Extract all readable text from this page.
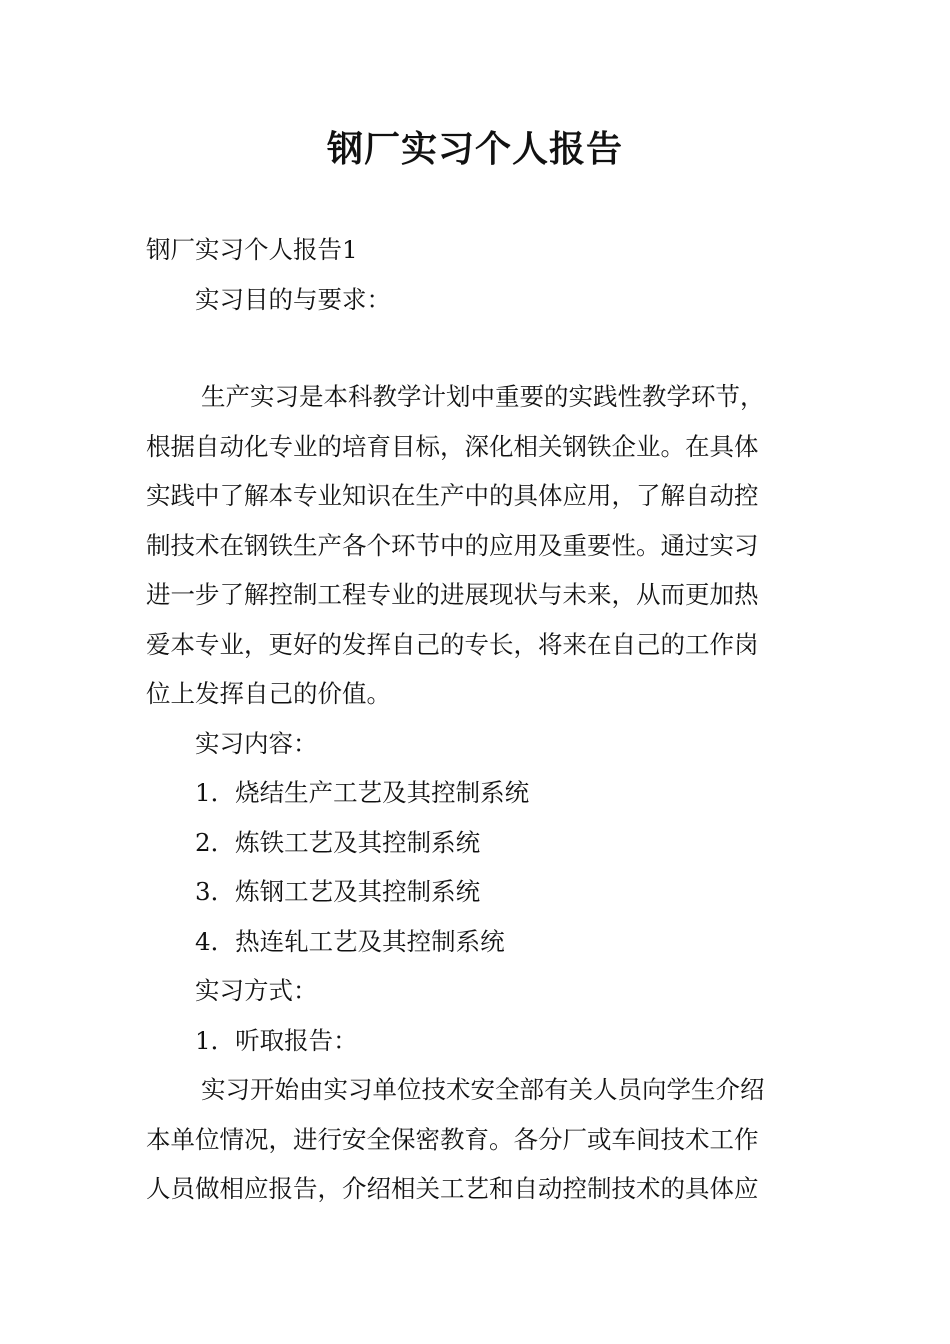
钢厂实习个人报告
钢厂实习个人报告1
实习目的与要求：
生产实习是本科教学计划中重要的实践性教学环节，
根据自动化专业的培育目标，深化相关钢铁企业。在具体
实践中了解本专业知识在生产中的具体应用，了解自动控
制技术在钢铁生产各个环节中的应用及重要性。通过实习
进一步了解控制工程专业的进展现状与未来，从而更加热
爱本专业，更好的发挥自己的专长，将来在自己的工作岗
位上发挥自己的价值。
实习内容：
1．烧结生产工艺及其控制系统
2．炼铁工艺及其控制系统
3．炼钢工艺及其控制系统
4．热连轧工艺及其控制系统
实习方式：
1．听取报告：
实习开始由实习单位技术安全部有关人员向学生介绍
本单位情况，进行安全保密教育。各分厂或车间技术工作
人员做相应报告，介绍相关工艺和自动控制技术的具体应
